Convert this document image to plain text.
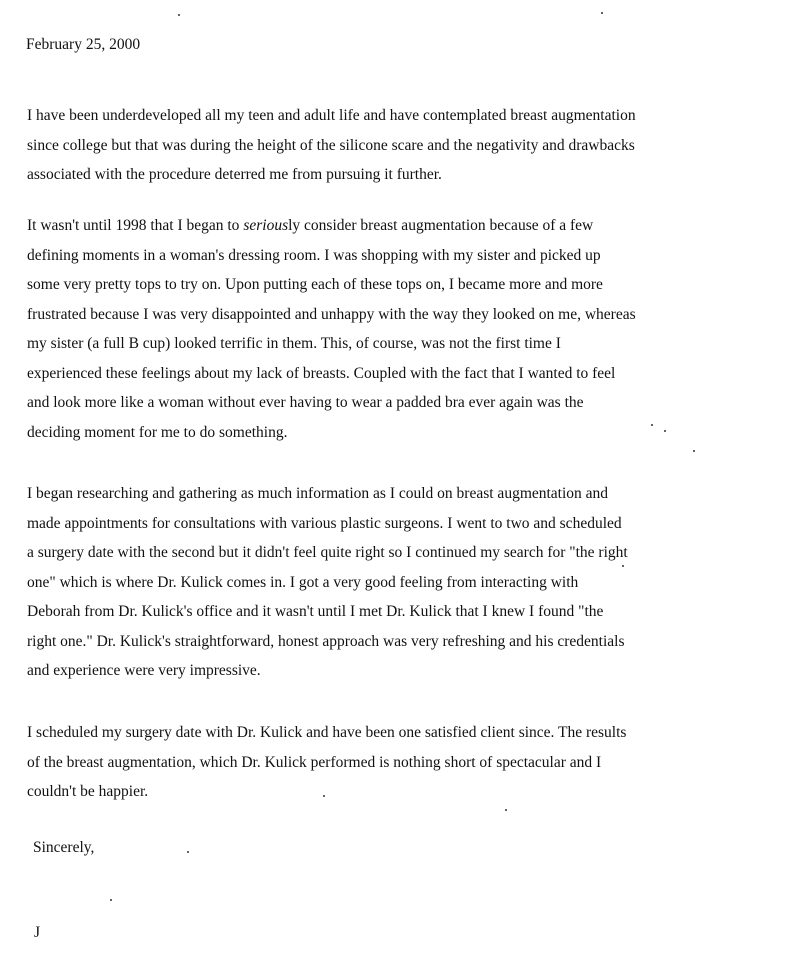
February 25, 2000
I have been underdeveloped all my teen and adult life and have contemplated breast augmentation
since college but that was during the height of the silicone scare and the negativity and drawbacks
associated with the procedure deterred me from pursuing it further.
It wasn't until 1998 that I began to seriously consider breast augmentation because of a few
defining moments in a woman's dressing room. I was shopping with my sister and picked up
some very pretty tops to try on. Upon putting each of these tops on, I became more and more
frustrated because I was very disappointed and unhappy with the way they looked on me, whereas
my sister (a full B cup) looked terrific in them. This, of course, was not the first time I
experienced these feelings about my lack of breasts. Coupled with the fact that I wanted to feel
and look more like a woman without ever having to wear a padded bra ever again was the
deciding moment for me to do something.
I began researching and gathering as much information as I could on breast augmentation and
made appointments for consultations with various plastic surgeons. I went to two and scheduled
a surgery date with the second but it didn't feel quite right so I continued my search for "the right
one" which is where Dr. Kulick comes in. I got a very good feeling from interacting with
Deborah from Dr. Kulick's office and it wasn't until I met Dr. Kulick that I knew I found "the
right one." Dr. Kulick's straightforward, honest approach was very refreshing and his credentials
and experience were very impressive.
I scheduled my surgery date with Dr. Kulick and have been one satisfied client since. The results
of the breast augmentation, which Dr. Kulick performed is nothing short of spectacular and I
couldn't be happier.
Sincerely,
J
